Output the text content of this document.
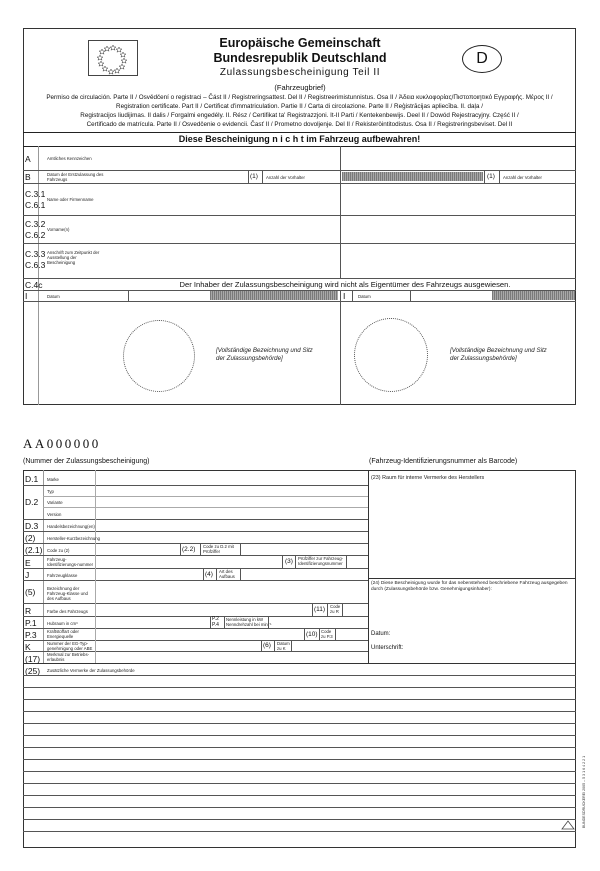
Europäische Gemeinschaft
Bundesrepublik Deutschland
Zulassungsbescheinigung Teil II
D
(Fahrzeugbrief)
Permiso de circulación. Parte II / Osvědčení o registraci – Část II / Registreringsattest. Del II / Registreerimistunnistus. Osa II / Άδεια κυκλοφορίας/Πιστοποιητικό Εγγραφής. Μέρος II /
Registration certificate. Part II / Certificat d'immatriculation. Partie II / Carta di circolazione. Parte II / Reģistrācijas apliecība. II. daļa /
Registracijos liudijimas. II dalis / Forgalmi engedély. II. Rész / Certifikat ta' Registrazzjoni. It-II Parti / Kentekenbewijs. Deel II / Dowód Rejestracyjny. Część II /
Certificado de matrícula. Parte II / Osvedčenie o evidencii. Časť II / Prometno dovoljenje. Del II / Rekisteröintitodistus. Osa II / Registreringsbeviset. Del II
Diese Bescheinigung n i c h t im Fahrzeug aufbewahren!
A	Amtliches Kennzeichen
B	Datum der Erstzulassung des Fahrzeugs	(1) Anzahl der Vorhalter	(1) Anzahl der Vorhalter
C.3.1
C.6.1
Name oder Firmenname
C.3.2
C.6.2
Vorname(n)
C.3.3
C.6.3
Anschrift zum Zeitpunkt der Ausstellung der Bescheinigung
C.4c	Der Inhaber der Zulassungsbescheinigung wird nicht als Eigentümer des Fahrzeugs ausgewiesen.
I	Datum	I	Datum
[Vollständige Bezeichnung und Sitz der Zulassungsbehörde]
[Vollständige Bezeichnung und Sitz der Zulassungsbehörde]
AA000000
(Nummer der Zulassungsbescheinigung)	(Fahrzeug-Identifizierungsnummer als Barcode)
D.1 Marke
Typ
D.2 Variante
Version
D.3 Handelsbezeichnung(en)
(2)	Hersteller-Kurzbezeichnung
(2.1) Code zu (2)
E	Fahrzeug-Identifizierungs-nummer
J	Fahrzeugklasse
(5)	Bezeichnung der Fahrzeug-Klasse und des Aufbaus
R	Farbe des Fahrzeugs
P.1 Hubraum in cm³
P.3 Kraftstoffart oder Energiequelle
K	Nummer der EG-Typ-genehmigung oder ABE
(17) Merkmal zur Betriebs-erlaubnis
(25) Zusätzliche Vermerke der Zulassungsbehörde
(2.2) Code zu D.2 mit Prüfziffer
(3) Prüfziffer zur Fahrzeug-Identifizierungsnummer
(4) Art des Aufbaus
(11) Code zu R
P.2
P.4
Nennleistung in kW
Nenndrehzahl bei min⁻¹
(10) Code zu P.3
(6) Datum zu K
(23) Raum für interne Vermerke des Herstellers
(24) Diese Bescheinigung wurde für das nebenstehend beschriebene Fahrzeug ausgegeben durch (Zulassungsbehörde bzw. Genehmigungsinhaber):
Datum:
Unterschrift:
BUNDESDRUCKEREI 2005 – 5 3 1 6 4 2 2 1
